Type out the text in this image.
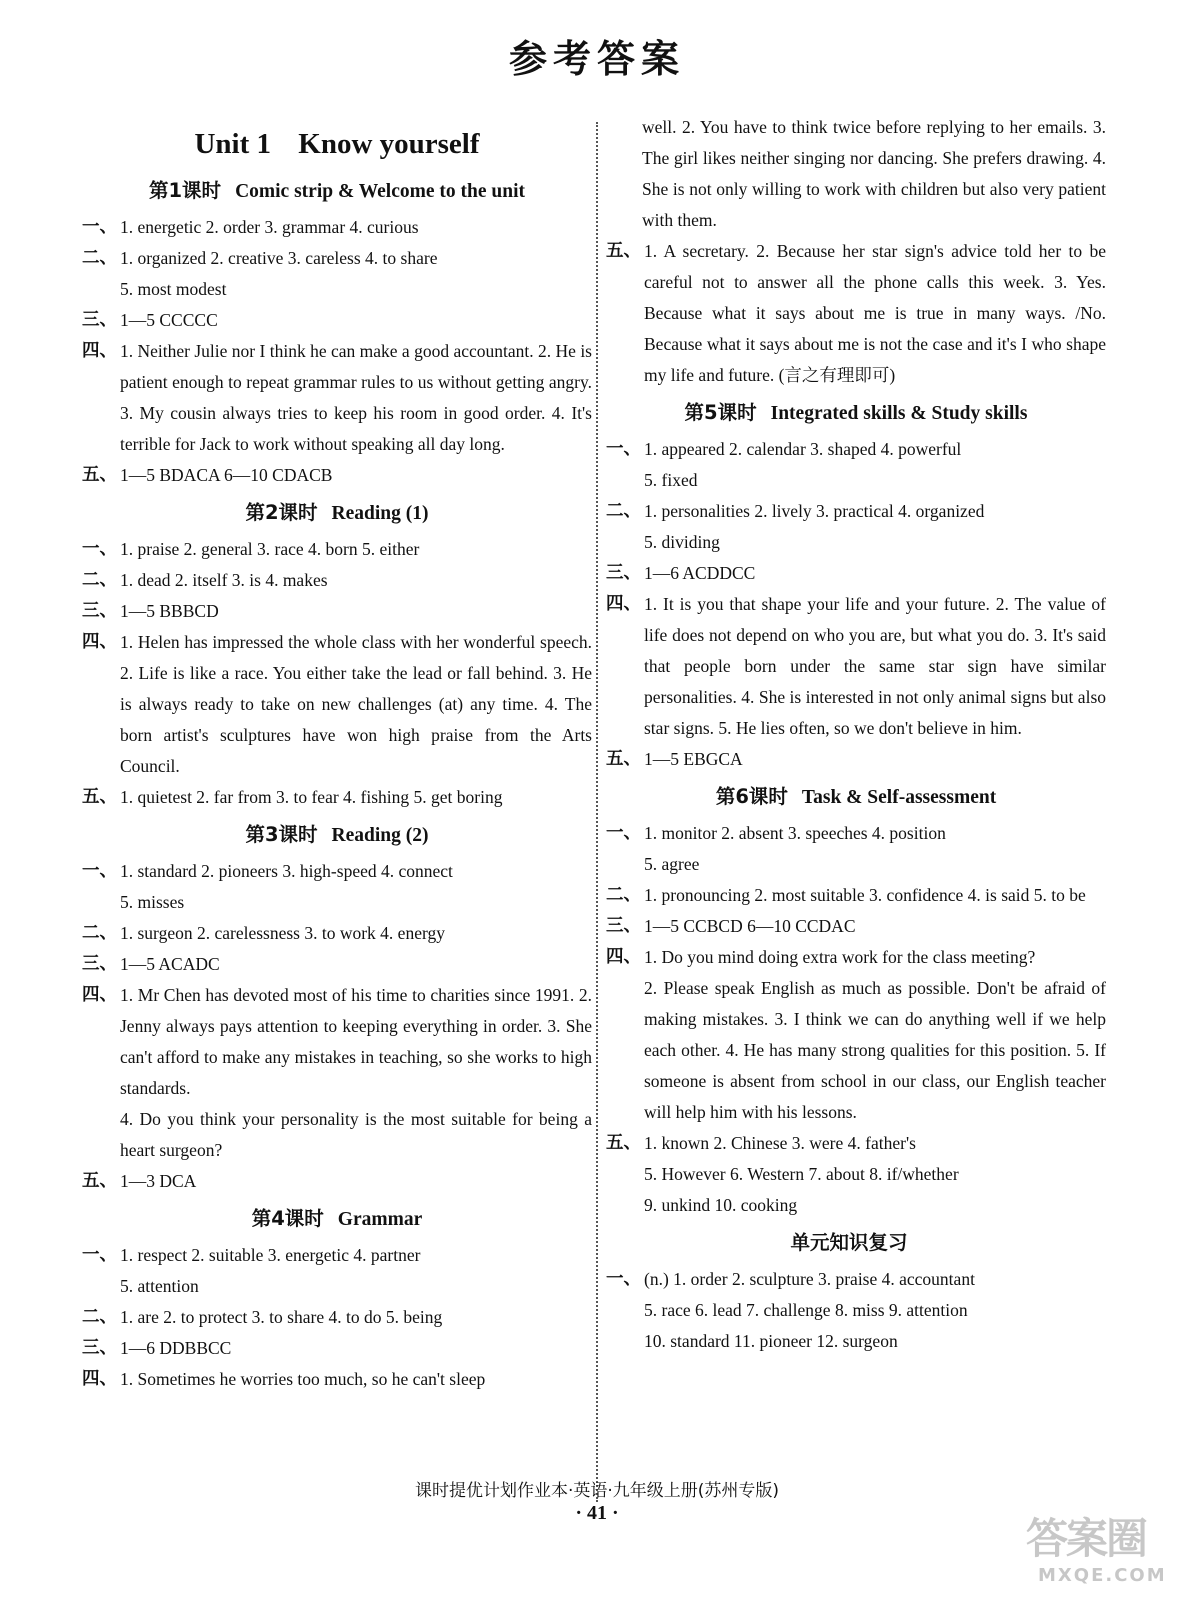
参考答案
Unit 1 Know yourself
第1课时 Comic strip & Welcome to the unit
一、 1. energetic 2. order 3. grammar 4. curious
二、 1. organized 2. creative 3. careless 4. to share
5. most modest
三、 1—5 CCCCC
四、 1. Neither Julie nor I think he can make a good accountant. 2. He is patient enough to repeat grammar rules to us without getting angry. 3. My cousin always tries to keep his room in good order. 4. It's terrible for Jack to work without speaking all day long.
五、 1—5 BDACA 6—10 CDACB
第2课时 Reading (1)
一、 1. praise 2. general 3. race 4. born 5. either
二、 1. dead 2. itself 3. is 4. makes
三、 1—5 BBBCD
四、 1. Helen has impressed the whole class with her wonderful speech. 2. Life is like a race. You either take the lead or fall behind. 3. He is always ready to take on new challenges (at) any time. 4. The born artist's sculptures have won high praise from the Arts Council.
五、 1. quietest 2. far from 3. to fear 4. fishing 5. get boring
第3课时 Reading (2)
一、 1. standard 2. pioneers 3. high-speed 4. connect
5. misses
二、 1. surgeon 2. carelessness 3. to work 4. energy
三、 1—5 ACADC
四、 1. Mr Chen has devoted most of his time to charities since 1991. 2. Jenny always pays attention to keeping everything in order. 3. She can't afford to make any mistakes in teaching, so she works to high standards.
4. Do you think your personality is the most suitable for being a heart surgeon?
五、 1—3 DCA
第4课时 Grammar
一、 1. respect 2. suitable 3. energetic 4. partner
5. attention
二、 1. are 2. to protect 3. to share 4. to do 5. being
三、 1—6 DDBBCC
四、 1. Sometimes he worries too much, so he can't sleep
well. 2. You have to think twice before replying to her emails. 3. The girl likes neither singing nor dancing. She prefers drawing. 4. She is not only willing to work with children but also very patient with them.
五、 1. A secretary. 2. Because her star sign's advice told her to be careful not to answer all the phone calls this week. 3. Yes. Because what it says about me is true in many ways. /No. Because what it says about me is not the case and it's I who shape my life and future. (言之有理即可)
第5课时 Integrated skills & Study skills
一、 1. appeared 2. calendar 3. shaped 4. powerful
5. fixed
二、 1. personalities 2. lively 3. practical 4. organized
5. dividing
三、 1—6 ACDDCC
四、 1. It is you that shape your life and your future. 2. The value of life does not depend on who you are, but what you do. 3. It's said that people born under the same star sign have similar personalities. 4. She is interested in not only animal signs but also star signs. 5. He lies often, so we don't believe in him.
五、 1—5 EBGCA
第6课时 Task & Self-assessment
一、 1. monitor 2. absent 3. speeches 4. position
5. agree
二、 1. pronouncing 2. most suitable 3. confidence 4. is said 5. to be
三、 1—5 CCBCD 6—10 CCDAC
四、 1. Do you mind doing extra work for the class meeting?
2. Please speak English as much as possible. Don't be afraid of making mistakes. 3. I think we can do anything well if we help each other. 4. He has many strong qualities for this position. 5. If someone is absent from school in our class, our English teacher will help him with his lessons.
五、 1. known 2. Chinese 3. were 4. father's
5. However 6. Western 7. about 8. if/whether
9. unkind 10. cooking
单元知识复习
一、 (n.) 1. order 2. sculpture 3. praise 4. accountant
5. race 6. lead 7. challenge 8. miss 9. attention
10. standard 11. pioneer 12. surgeon
课时提优计划作业本·英语·九年级上册(苏州专版)
· 41 ·
答案圈
MXQE.COM
